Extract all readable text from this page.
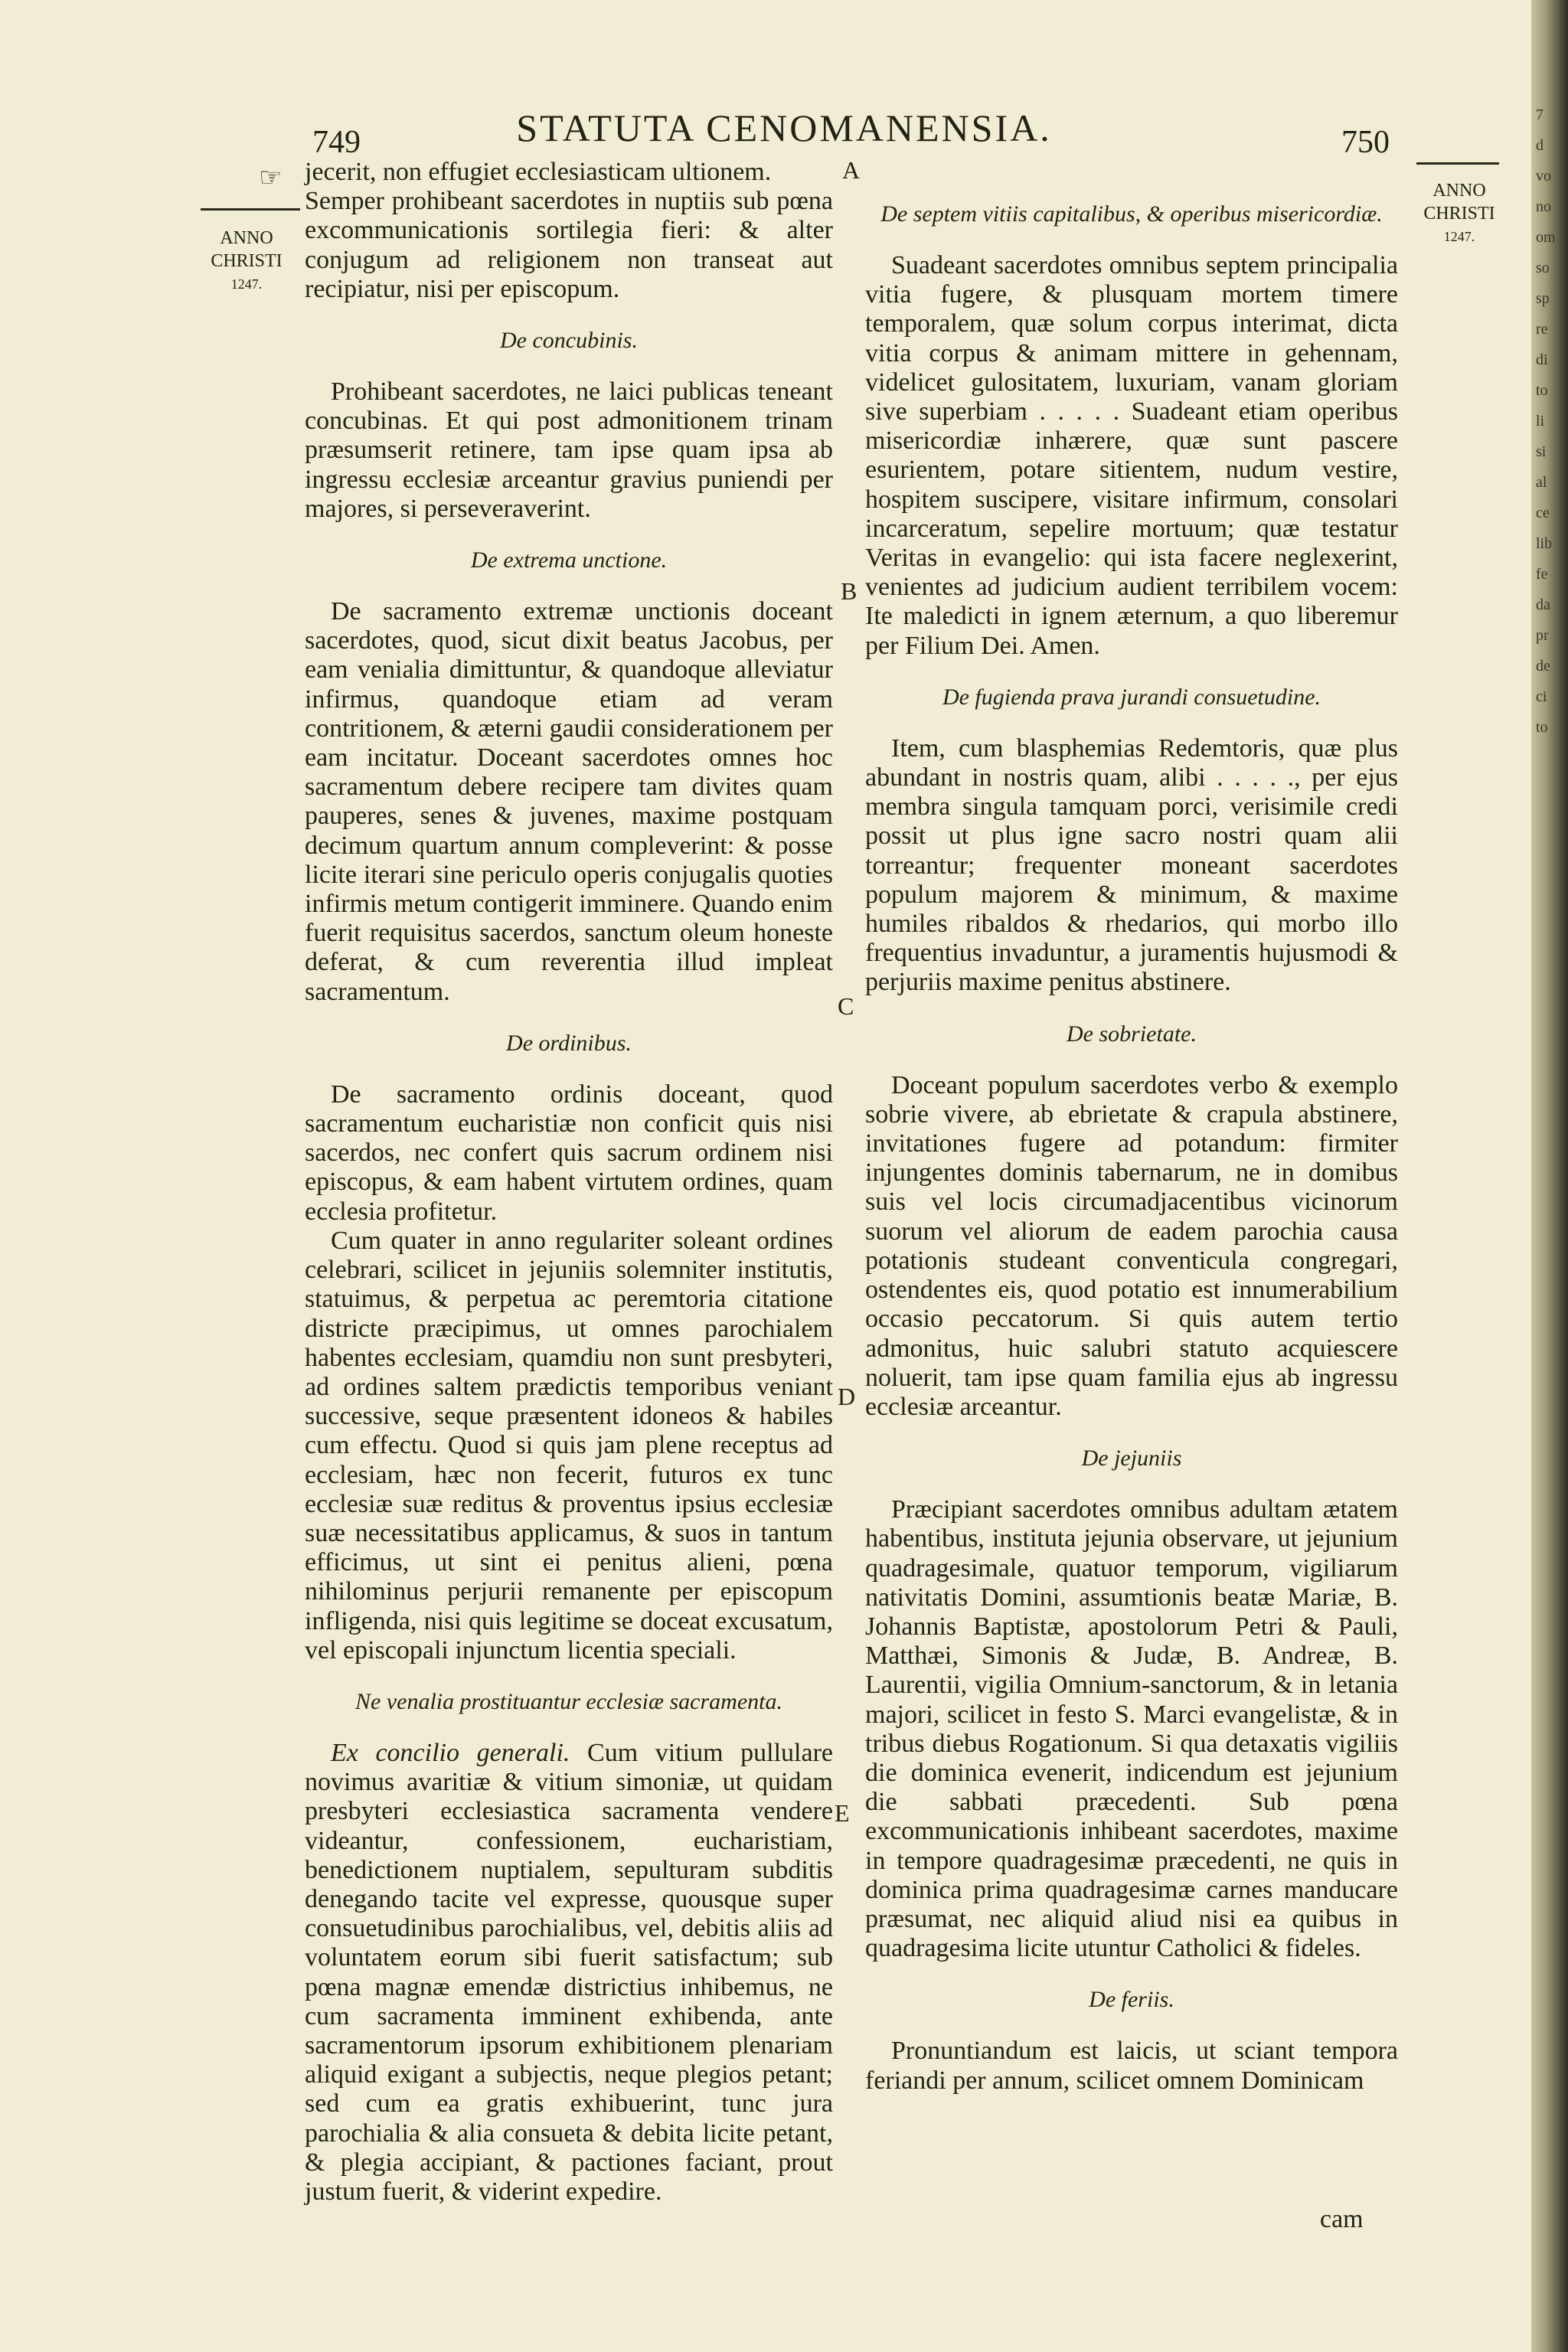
STATUTA CENOMANENSIA.
749	750
☞
ANNO
CHRISTI
1247.
ANNO
CHRISTI
1247.
A
B
C
D
E

jecerit, non effugiet ecclesiasticam ultionem.

Semper prohibeant sacerdotes in nuptiis sub pœna excommunicationis sortilegia fieri: & alter conjugum ad religionem non transeat aut recipiatur, nisi per episcopum.

De concubinis.

Prohibeant sacerdotes, ne laici publicas teneant concubinas. Et qui post admonitionem trinam præsumserit retinere, tam ipse quam ipsa ab ingressu ecclesiæ arceantur gravius puniendi per majores, si perseveraverint.

De extrema unctione.

De sacramento extremæ unctionis doceant sacerdotes, quod, sicut dixit beatus Jacobus, per eam venialia dimittuntur, & quandoque alleviatur infirmus, quandoque etiam ad veram contritionem, & æterni gaudii considerationem per eam incitatur. Doceant sacerdotes omnes hoc sacramentum debere recipere tam divites quam pauperes, senes & juvenes, maxime postquam decimum quartum annum compleverint: & posse licite iterari sine periculo operis conjugalis quoties infirmis metum contigerit imminere. Quando enim fuerit requisitus sacerdos, sanctum oleum honeste deferat, & cum reverentia illud impleat sacramentum.

De ordinibus.

De sacramento ordinis doceant, quod sacramentum eucharistiæ non conficit quis nisi sacerdos, nec confert quis sacrum ordinem nisi episcopus, & eam habent virtutem ordines, quam ecclesia profitetur.

Cum quater in anno regulariter soleant ordines celebrari, scilicet in jejuniis solemniter institutis, statuimus, & perpetua ac peremtoria citatione districte præcipimus, ut omnes parochialem habentes ecclesiam, quamdiu non sunt presbyteri, ad ordines saltem prædictis temporibus veniant successive, seque præsentent idoneos & habiles cum effectu. Quod si quis jam plene receptus ad ecclesiam, hæc non fecerit, futuros ex tunc ecclesiæ suæ reditus & proventus ipsius ecclesiæ suæ necessitatibus applicamus, & suos in tantum efficimus, ut sint ei penitus alieni, pœna nihilominus perjurii remanente per episcopum infligenda, nisi quis legitime se doceat excusatum, vel episcopali injunctum licentia speciali.

Ne venalia prostituantur ecclesiæ sacramenta.

Ex concilio generali. Cum vitium pullulare novimus avaritiæ & vitium simoniæ, ut quidam presbyteri ecclesiastica sacramenta vendere videantur, confessionem, eucharistiam, benedictionem nuptialem, sepulturam subditis denegando tacite vel expresse, quousque super consuetudinibus parochialibus, vel, debitis aliis ad voluntatem eorum sibi fuerit satisfactum; sub pœna magnæ emendæ districtius inhibemus, ne cum sacramenta imminent exhibenda, ante sacramentorum ipsorum exhibitionem plenariam aliquid exigant a subjectis, neque plegios petant; sed cum ea gratis exhibuerint, tunc jura parochialia & alia consueta & debita licite petant, & plegia accipiant, & pactiones faciant, prout justum fuerit, & viderint expedire.

De septem vitiis capitalibus, & operibus misericordiæ.

Suadeant sacerdotes omnibus septem principalia vitia fugere, & plusquam mortem timere temporalem, quæ solum corpus interimat, dicta vitia corpus & animam mittere in gehennam, videlicet gulositatem, luxuriam, vanam gloriam sive superbiam . . . . . Suadeant etiam operibus misericordiæ inhærere, quæ sunt pascere esurientem, potare sitientem, nudum vestire, hospitem suscipere, visitare infirmum, consolari incarceratum, sepelire mortuum; quæ testatur Veritas in evangelio: qui ista facere neglexerint, venientes ad judicium audient terribilem vocem: Ite maledicti in ignem æternum, a quo liberemur per Filium Dei. Amen.

De fugienda prava jurandi consuetudine.

Item, cum blasphemias Redemtoris, quæ plus abundant in nostris quam, alibi . . . . ., per ejus membra singula tamquam porci, verisimile credi possit ut plus igne sacro nostri quam alii torreantur; frequenter moneant sacerdotes populum majorem & minimum, & maxime humiles ribaldos & rhedarios, qui morbo illo frequentius invaduntur, a juramentis hujusmodi & perjuriis maxime penitus abstinere.

De sobrietate.

Doceant populum sacerdotes verbo & exemplo sobrie vivere, ab ebrietate & crapula abstinere, invitationes fugere ad potandum: firmiter injungentes dominis tabernarum, ne in domibus suis vel locis circumadjacentibus vicinorum suorum vel aliorum de eadem parochia causa potationis studeant conventicula congregari, ostendentes eis, quod potatio est innumerabilium occasio peccatorum. Si quis autem tertio admonitus, huic salubri statuto acquiescere noluerit, tam ipse quam familia ejus ab ingressu ecclesiæ arceantur.

De jejuniis

Præcipiant sacerdotes omnibus adultam ætatem habentibus, instituta jejunia observare, ut jejunium quadragesimale, quatuor temporum, vigiliarum nativitatis Domini, assumtionis beatæ Mariæ, B. Johannis Baptistæ, apostolorum Petri & Pauli, Matthæi, Simonis & Judæ, B. Andreæ, B. Laurentii, vigilia Omnium-sanctorum, & in letania majori, scilicet in festo S. Marci evangelistæ, & in tribus diebus Rogationum. Si qua detaxatis vigiliis die dominica evenerit, indicendum est jejunium die sabbati præcedenti. Sub pœna excommunicationis inhibeant sacerdotes, maxime in tempore quadragesimæ præcedenti, ne quis in dominica prima quadragesimæ carnes manducare præsumat, nec aliquid aliud nisi ea quibus in quadragesima licite utuntur Catholici & fideles.

De feriis.

Pronuntiandum est laicis, ut sciant tempora feriandi per annum, scilicet omnem Dominicam

cam
7
d
vo
no
om
so
sp
re
di
to
li
si
al
ce
lib
fe
da
pr
de
ci
to
